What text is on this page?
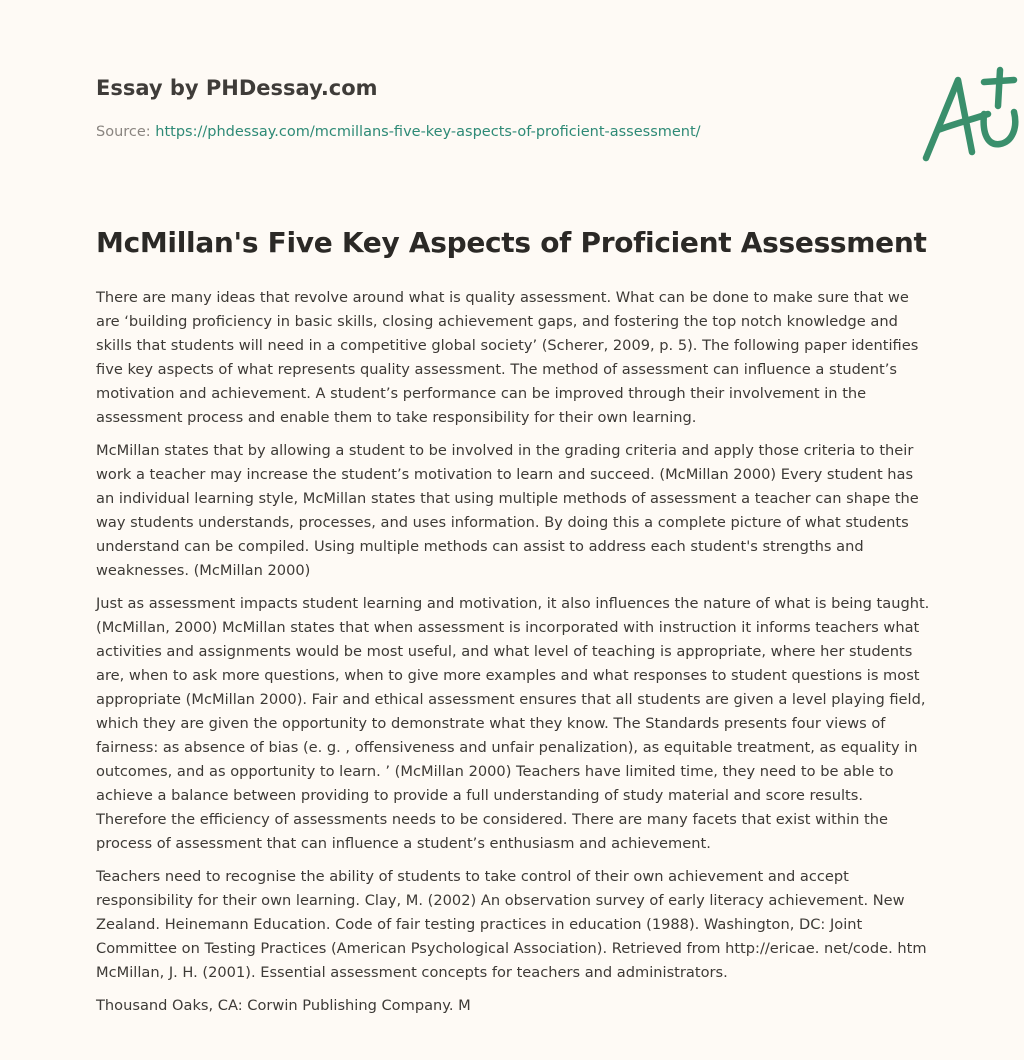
Essay by PHDessay.com
Source: https://phdessay.com/mcmillans-five-key-aspects-of-proficient-assessment/
McMillan's Five Key Aspects of Proficient Assessment

There are many ideas that revolve around what is quality assessment. What can be done to make sure that we are ‘building proficiency in basic skills, closing achievement gaps, and fostering the top notch knowledge and skills that students will need in a competitive global society’ (Scherer, 2009, p. 5). The following paper identifies five key aspects of what represents quality assessment. The method of assessment can influence a student’s motivation and achievement. A student’s performance can be improved through their involvement in the assessment process and enable them to take responsibility for their own learning.

McMillan states that by allowing a student to be involved in the grading criteria and apply those criteria to their work a teacher may increase the student’s motivation to learn and succeed. (McMillan 2000) Every student has an individual learning style, McMillan states that using multiple methods of assessment a teacher can shape the way students understands, processes, and uses information. By doing this a complete picture of what students understand can be compiled. Using multiple methods can assist to address each student's strengths and weaknesses. (McMillan 2000)

Just as assessment impacts student learning and motivation, it also influences the nature of what is being taught. (McMillan, 2000) McMillan states that when assessment is incorporated with instruction it informs teachers what activities and assignments would be most useful, and what level of teaching is appropriate, where her students are, when to ask more questions, when to give more examples and what responses to student questions is most appropriate (McMillan 2000). Fair and ethical assessment ensures that all students are given a level playing field, which they are given the opportunity to demonstrate what they know. The Standards presents four views of fairness: as absence of bias (e. g. , offensiveness and unfair penalization), as equitable treatment, as equality in outcomes, and as opportunity to learn. ’ (McMillan 2000) Teachers have limited time, they need to be able to achieve a balance between providing to provide a full understanding of study material and score results. Therefore the efficiency of assessments needs to be considered. There are many facets that exist within the process of assessment that can influence a student’s enthusiasm and achievement.

Teachers need to recognise the ability of students to take control of their own achievement and accept responsibility for their own learning. Clay, M. (2002) An observation survey of early literacy achievement. New Zealand. Heinemann Education. Code of fair testing practices in education (1988). Washington, DC: Joint Committee on Testing Practices (American Psychological Association). Retrieved from http://ericae. net/code. htm McMillan, J. H. (2001). Essential assessment concepts for teachers and administrators.

Thousand Oaks, CA: Corwin Publishing Company. M
